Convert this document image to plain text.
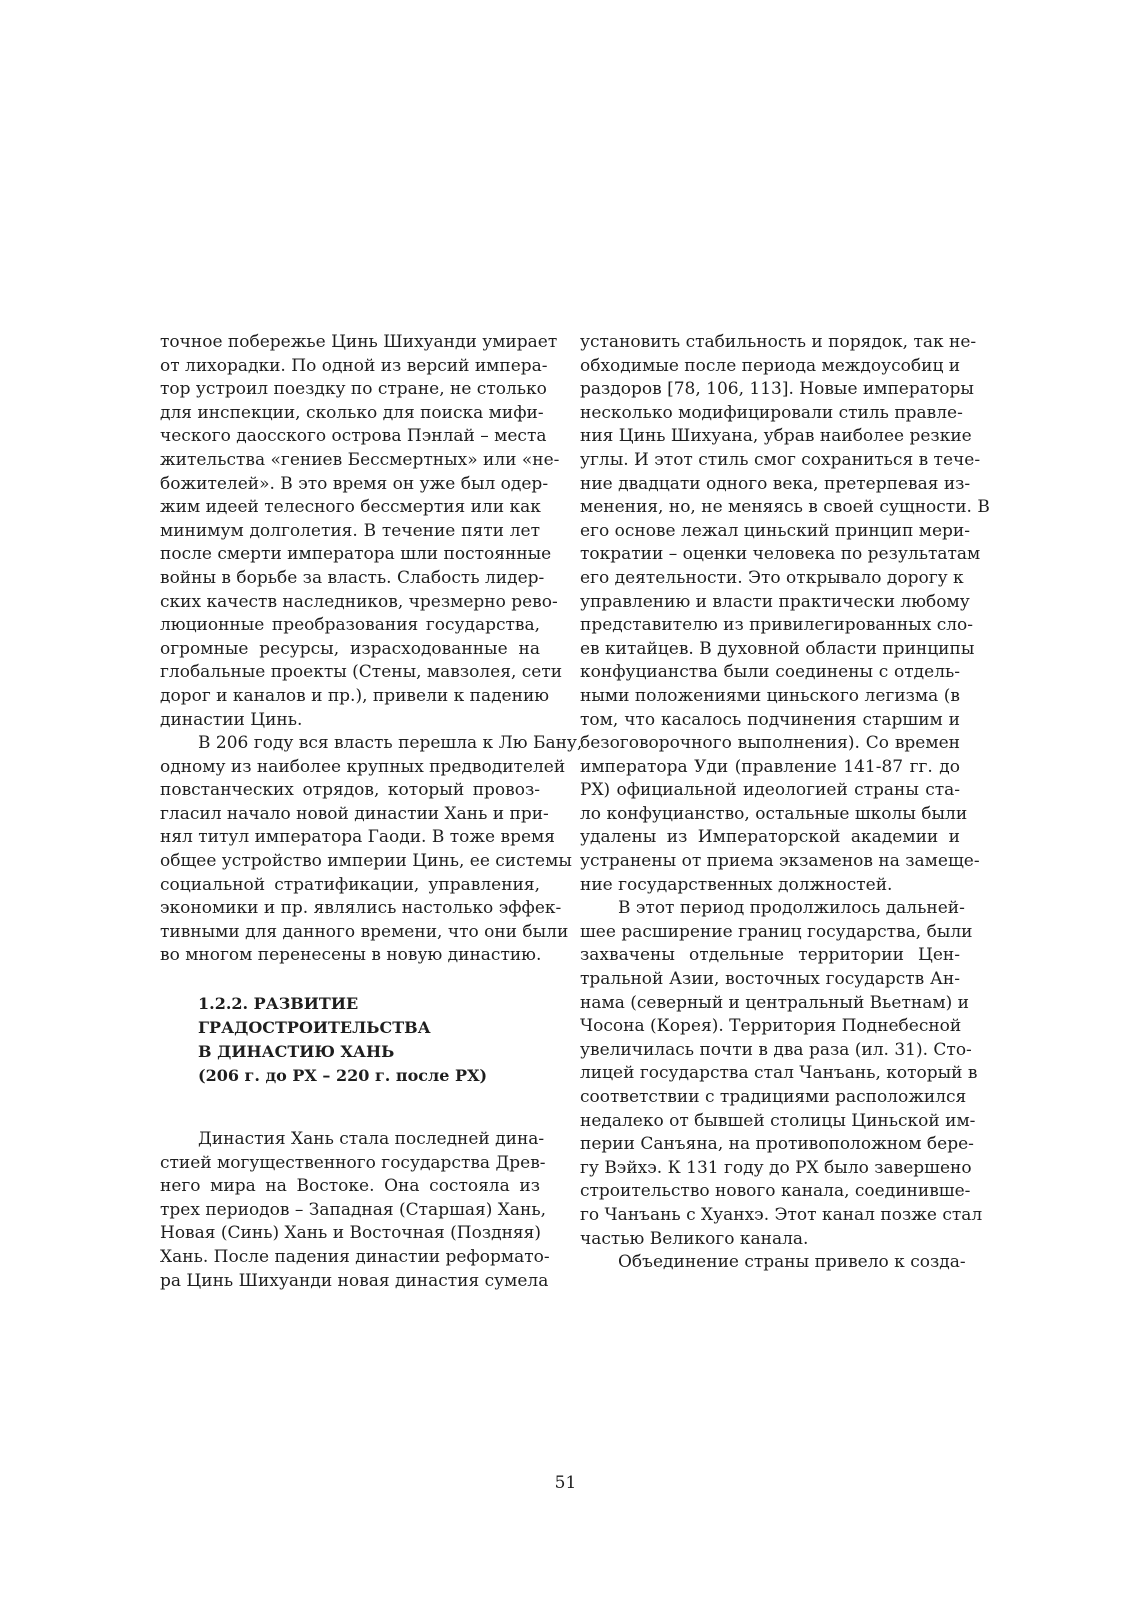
точное побережье Цинь Шихуанди умирает
от лихорадки. По одной из версий импера-
тор устроил поездку по стране, не столько
для инспекции, сколько для поиска мифи-
ческого даосского острова Пэнлай – места
жительства «гениев Бессмертных» или «не-
божителей». В это время он уже был одер-
жим идеей телесного бессмертия или как
минимум долголетия. В течение пяти лет
после смерти императора шли постоянные
войны в борьбе за власть. Слабость лидер-
ских качеств наследников, чрезмерно рево-
люционные преобразования государства,
огромные ресурсы, израсходованные на
глобальные проекты (Стены, мавзолея, сети
дорог и каналов и пр.), привели к падению
династии Цинь.
В 206 году вся власть перешла к Лю Бану,
одному из наиболее крупных предводителей
повстанческих отрядов, который провоз-
гласил начало новой династии Хань и при-
нял титул императора Гаоди. В тоже время
общее устройство империи Цинь, ее системы
социальной стратификации, управления,
экономики и пр. являлись настолько эффек-
тивными для данного времени, что они были
во многом перенесены в новую династию.
1.2.2. РАЗВИТИЕ
ГРАДОСТРОИТЕЛЬСТВА
В ДИНАСТИЮ ХАНЬ
(206 г. до РХ – 220 г. после РХ)
Династия Хань стала последней дина-
стией могущественного государства Древ-
него мира на Востоке. Она состояла из
трех периодов – Западная (Старшая) Хань,
Новая (Синь) Хань и Восточная (Поздняя)
Хань. После падения династии реформато-
ра Цинь Шихуанди новая династия сумела
установить стабильность и порядок, так не-
обходимые после периода междоусобиц и
раздоров [78, 106, 113]. Новые императоры
несколько модифицировали стиль правле-
ния Цинь Шихуана, убрав наиболее резкие
углы. И этот стиль смог сохраниться в тече-
ние двадцати одного века, претерпевая из-
менения, но, не меняясь в своей сущности. В
его основе лежал циньский принцип мери-
тократии – оценки человека по результатам
его деятельности. Это открывало дорогу к
управлению и власти практически любому
представителю из привилегированных сло-
ев китайцев. В духовной области принципы
конфуцианства были соединены с отдель-
ными положениями циньского легизма (в
том, что касалось подчинения старшим и
безоговорочного выполнения). Со времен
императора Уди (правление 141-87 гг. до
РХ) официальной идеологией страны ста-
ло конфуцианство, остальные школы были
удалены из Императорской академии и
устранены от приема экзаменов на замеще-
ние государственных должностей.
В этот период продолжилось дальней-
шее расширение границ государства, были
захвачены отдельные территории Цен-
тральной Азии, восточных государств Ан-
нама (северный и центральный Вьетнам) и
Чосона (Корея). Территория Поднебесной
увеличилась почти в два раза (ил. 31). Сто-
лицей государства стал Чанъань, который в
соответствии с традициями расположился
недалеко от бывшей столицы Циньской им-
перии Санъяна, на противоположном бере-
гу Вэйхэ. К 131 году до РХ было завершено
строительство нового канала, соединивше-
го Чанъань с Хуанхэ. Этот канал позже стал
частью Великого канала.
Объединение страны привело к созда-
51
